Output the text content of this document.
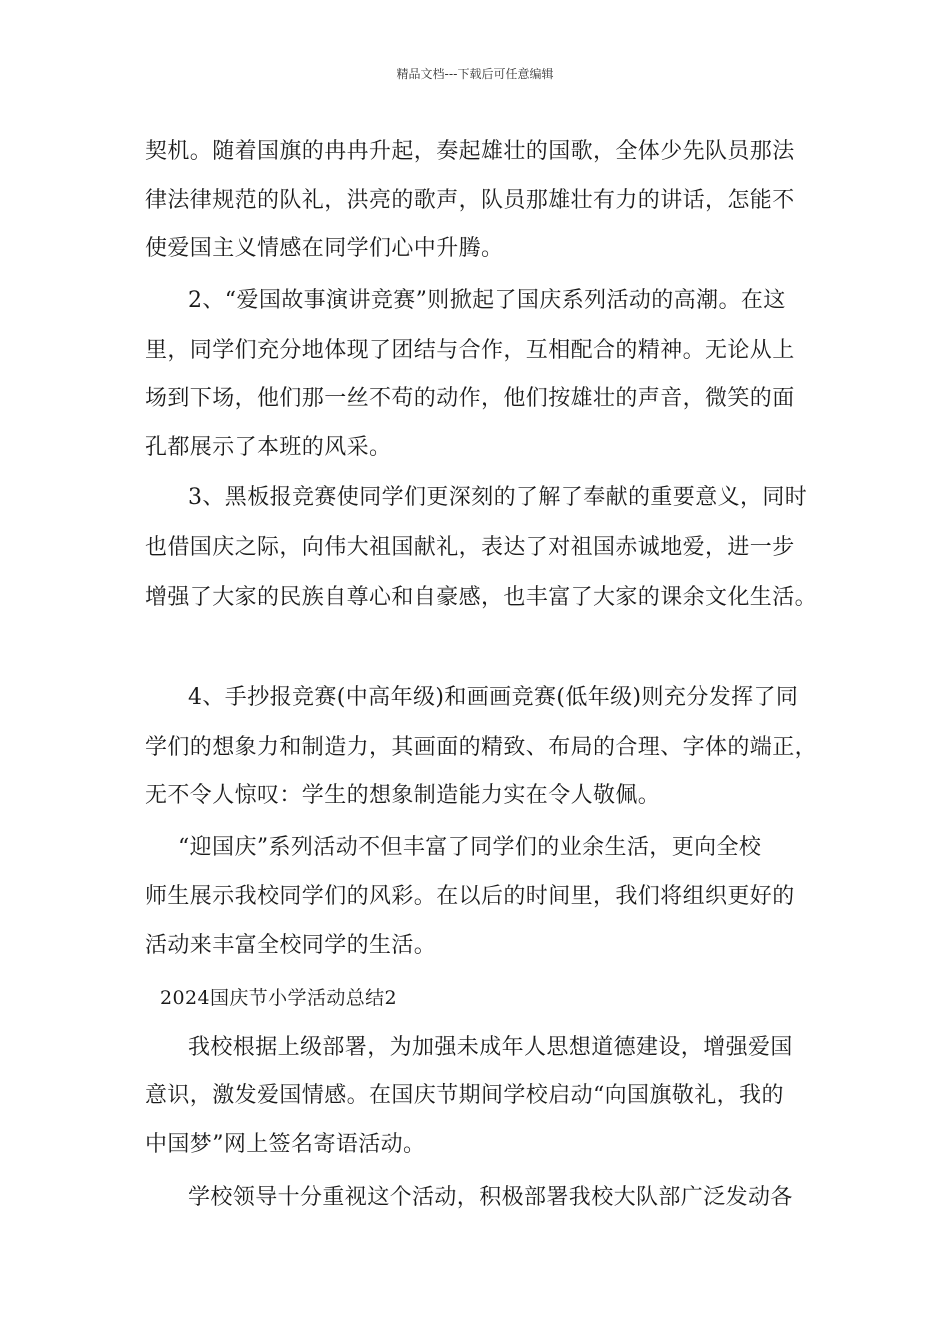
精品文档---下载后可任意编辑
契机。随着国旗的冉冉升起，奏起雄壮的国歌，全体少先队员那法
律法律规范的队礼，洪亮的歌声，队员那雄壮有力的讲话，怎能不
使爱国主义情感在同学们心中升腾。
2、“爱国故事演讲竞赛”则掀起了国庆系列活动的高潮。在这
里，同学们充分地体现了团结与合作，互相配合的精神。无论从上
场到下场，他们那一丝不苟的动作，他们按雄壮的声音，微笑的面
孔都展示了本班的风采。
3、黑板报竞赛使同学们更深刻的了解了奉献的重要意义，同时
也借国庆之际，向伟大祖国献礼，表达了对祖国赤诚地爱，进一步
增强了大家的民族自尊心和自豪感，也丰富了大家的课余文化生活。
4、手抄报竞赛(中高年级)和画画竞赛(低年级)则充分发挥了同
学们的想象力和制造力，其画面的精致、布局的合理、字体的端正，
无不令人惊叹：学生的想象制造能力实在令人敬佩。
“迎国庆”系列活动不但丰富了同学们的业余生活，更向全校
师生展示我校同学们的风彩。在以后的时间里，我们将组织更好的
活动来丰富全校同学的生活。
2024国庆节小学活动总结2
我校根据上级部署，为加强未成年人思想道德建设，增强爱国
意识，激发爱国情感。在国庆节期间学校启动“向国旗敬礼，我的
中国梦”网上签名寄语活动。
学校领导十分重视这个活动，积极部署我校大队部广泛发动各
